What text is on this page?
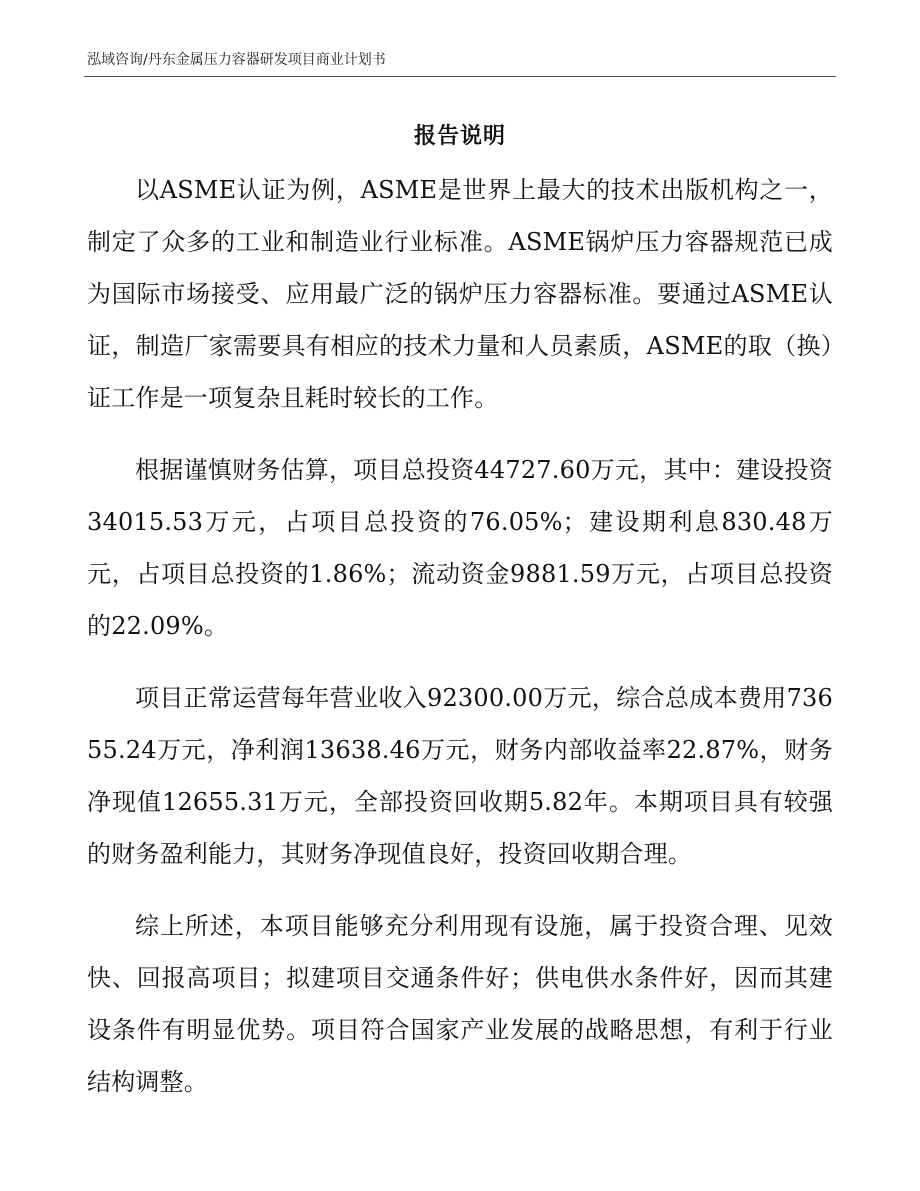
泓域咨询/丹东金属压力容器研发项目商业计划书
报告说明

以ASME认证为例，ASME是世界上最大的技术出版机构之一，制定了众多的工业和制造业行业标准。ASME锅炉压力容器规范已成为国际市场接受、应用最广泛的锅炉压力容器标准。要通过ASME认证，制造厂家需要具有相应的技术力量和人员素质，ASME的取（换）证工作是一项复杂且耗时较长的工作。

根据谨慎财务估算，项目总投资44727.60万元，其中：建设投资34015.53万元，占项目总投资的76.05%；建设期利息830.48万元，占项目总投资的1.86%；流动资金9881.59万元，占项目总投资的22.09%。

项目正常运营每年营业收入92300.00万元，综合总成本费用73655.24万元，净利润13638.46万元，财务内部收益率22.87%，财务净现值12655.31万元，全部投资回收期5.82年。本期项目具有较强的财务盈利能力，其财务净现值良好，投资回收期合理。

综上所述，本项目能够充分利用现有设施，属于投资合理、见效快、回报高项目；拟建项目交通条件好；供电供水条件好，因而其建设条件有明显优势。项目符合国家产业发展的战略思想，有利于行业结构调整。
